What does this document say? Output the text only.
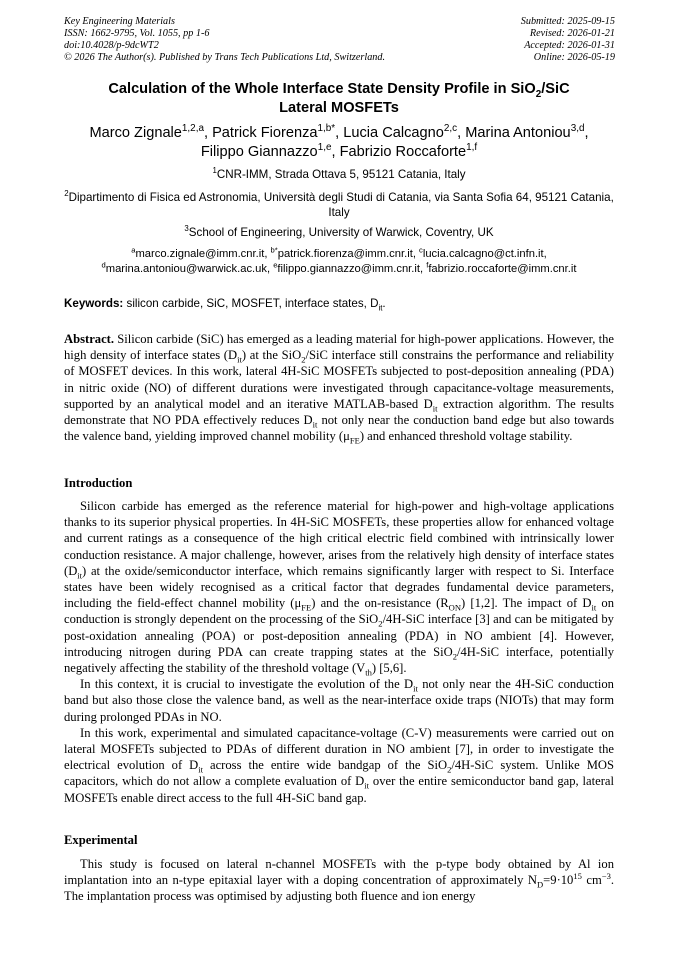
Key Engineering Materials
ISSN: 1662-9795, Vol. 1055, pp 1-6
doi:10.4028/p-9dcWT2
© 2026 The Author(s). Published by Trans Tech Publications Ltd, Switzerland.
Submitted: 2025-09-15
Revised: 2026-01-21
Accepted: 2026-01-31
Online: 2026-05-19
Calculation of the Whole Interface State Density Profile in SiO$_2$/SiC
Lateral MOSFETs
Marco Zignale$^{1,2,a}$, Patrick Fiorenza$^{1,b*}$, Lucia Calcagno$^{2,c}$, Marina Antoniou$^{3,d}$,
Filippo Giannazzo$^{1,e}$, Fabrizio Roccaforte$^{1,f}$
$^1$CNR-IMM, Strada Ottava 5, 95121 Catania, Italy
$^2$Dipartimento di Fisica ed Astronomia, Università degli Studi di Catania, via Santa Sofia 64, 95121 Catania, Italy
$^3$School of Engineering, University of Warwick, Coventry, UK
$^a$marco.zignale@imm.cnr.it, $^{b*}$patrick.fiorenza@imm.cnr.it, $^c$lucia.calcagno@ct.infn.it,
$^d$marina.antoniou@warwick.ac.uk, $^e$filippo.giannazzo@imm.cnr.it, $^f$fabrizio.roccaforte@imm.cnr.it
Keywords: silicon carbide, SiC, MOSFET, interface states, $D_{it}$.
Abstract. Silicon carbide (SiC) has emerged as a leading material for high-power applications. However, the high density of interface states $(D_{it})$ at the SiO$_2$/SiC interface still constrains the performance and reliability of MOSFET devices. In this work, lateral 4H-SiC MOSFETs subjected to post-deposition annealing (PDA) in nitric oxide (NO) of different durations were investigated through capacitance-voltage measurements, supported by an analytical model and an iterative MATLAB-based $D_{it}$ extraction algorithm. The results demonstrate that NO PDA effectively reduces $D_{it}$ not only near the conduction band edge but also towards the valence band, yielding improved channel mobility $(\mu_{FE})$ and enhanced threshold voltage stability.
Introduction

Silicon carbide has emerged as the reference material for high-power and high-voltage applications thanks to its superior physical properties. In 4H-SiC MOSFETs, these properties allow for enhanced voltage and current ratings as a consequence of the high critical electric field combined with intrinsically lower conduction resistance. A major challenge, however, arises from the relatively high density of interface states $(D_{it})$ at the oxide/semiconductor interface, which remains significantly larger with respect to Si. Interface states have been widely recognised as a critical factor that degrades fundamental device parameters, including the field-effect channel mobility $(\mu_{FE})$ and the on-resistance $(R_{ON})$ [1,2]. The impact of $D_{it}$ on conduction is strongly dependent on the processing of the SiO$_2$/4H-SiC interface [3] and can be mitigated by post-oxidation annealing (POA) or post-deposition annealing (PDA) in NO ambient [4]. However, introducing nitrogen during PDA can create trapping states at the SiO$_2$/4H-SiC interface, potentially negatively affecting the stability of the threshold voltage $(V_{th})$ [5,6].

In this context, it is crucial to investigate the evolution of the $D_{it}$ not only near the 4H-SiC conduction band but also those close the valence band, as well as the near-interface oxide traps (NIOTs) that may form during prolonged PDAs in NO.

In this work, experimental and simulated capacitance-voltage (C-V) measurements were carried out on lateral MOSFETs subjected to PDAs of different duration in NO ambient [7], in order to investigate the electrical evolution of $D_{it}$ across the entire wide bandgap of the SiO$_2$/4H-SiC system. Unlike MOS capacitors, which do not allow a complete evaluation of $D_{it}$ over the entire semiconductor band gap, lateral MOSFETs enable direct access to the full 4H-SiC band gap.

Experimental

This study is focused on lateral n-channel MOSFETs with the p-type body obtained by Al ion implantation into an n-type epitaxial layer with a doping concentration of approximately $N_D=9\cdot 10^{15}$ $cm^{-3}$. The implantation process was optimised by adjusting both fluence and ion energy
